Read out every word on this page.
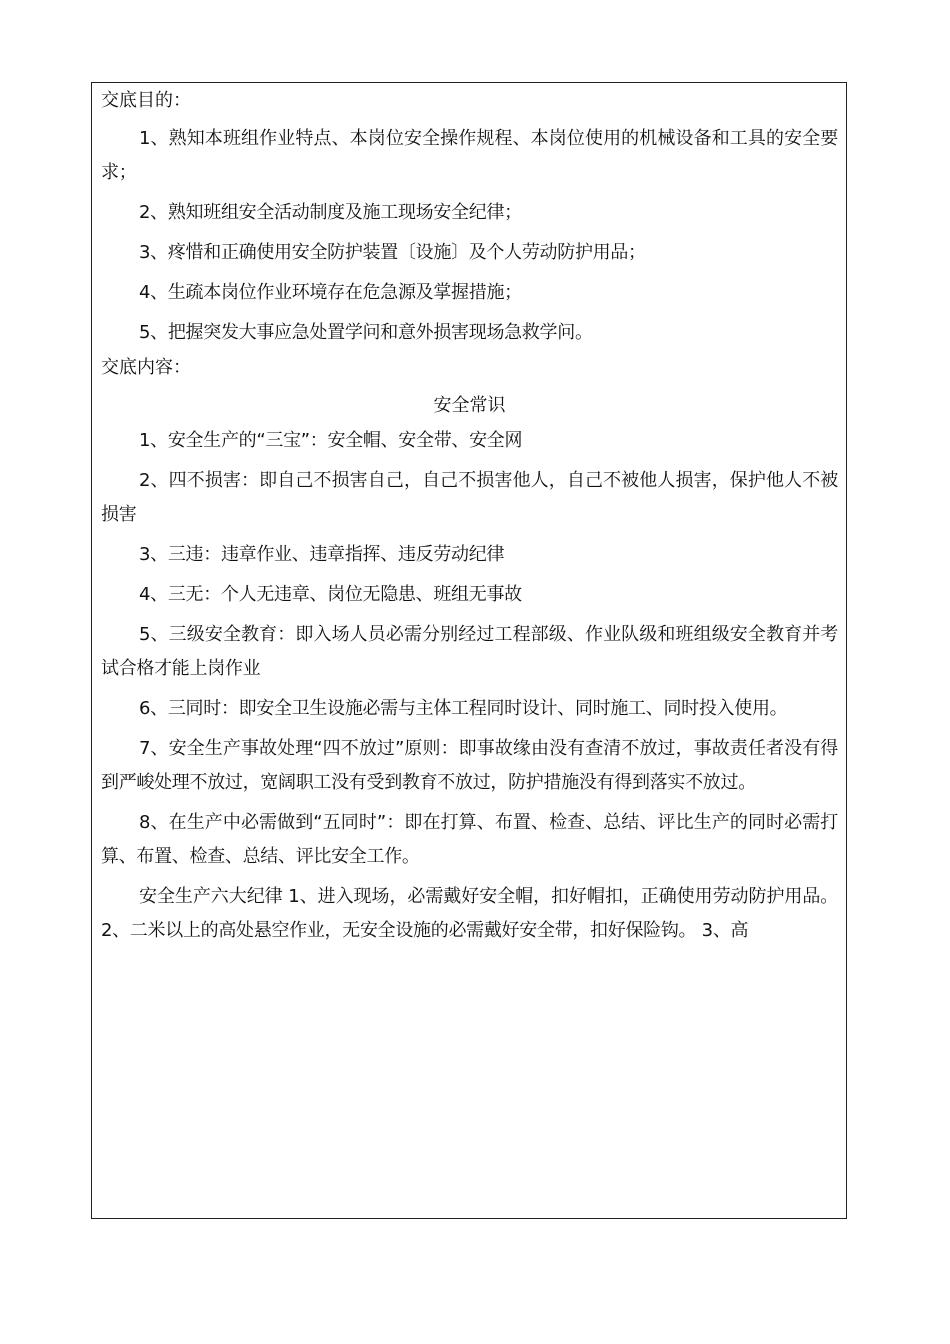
交底目的：

1、熟知本班组作业特点、本岗位安全操作规程、本岗位使用的机械设备和工具的安全要求；

2、熟知班组安全活动制度及施工现场安全纪律；

3、疼惜和正确使用安全防护装置〔设施〕及个人劳动防护用品；

4、生疏本岗位作业环境存在危急源及掌握措施；

5、把握突发大事应急处置学问和意外损害现场急救学问。

交底内容：
安全常识

1、安全生产的“三宝”：安全帽、安全带、安全网

2、四不损害：即自己不损害自己，自己不损害他人，自己不被他人损害，保护他人不被损害

3、三违：违章作业、违章指挥、违反劳动纪律

4、三无：个人无违章、岗位无隐患、班组无事故

5、三级安全教育：即入场人员必需分别经过工程部级、作业队级和班组级安全教育并考试合格才能上岗作业

6、三同时：即安全卫生设施必需与主体工程同时设计、同时施工、同时投入使用。

7、安全生产事故处理“四不放过”原则：即事故缘由没有查清不放过，事故责任者没有得到严峻处理不放过，宽阔职工没有受到教育不放过，防护措施没有得到落实不放过。

8、在生产中必需做到“五同时”：即在打算、布置、检查、总结、评比生产的同时必需打算、布置、检查、总结、评比安全工作。

安全生产六大纪律 1、进入现场，必需戴好安全帽，扣好帽扣，正确使用劳动防护用品。2、二米以上的高处悬空作业，无安全设施的必需戴好安全带，扣好保险钩。 3、高
